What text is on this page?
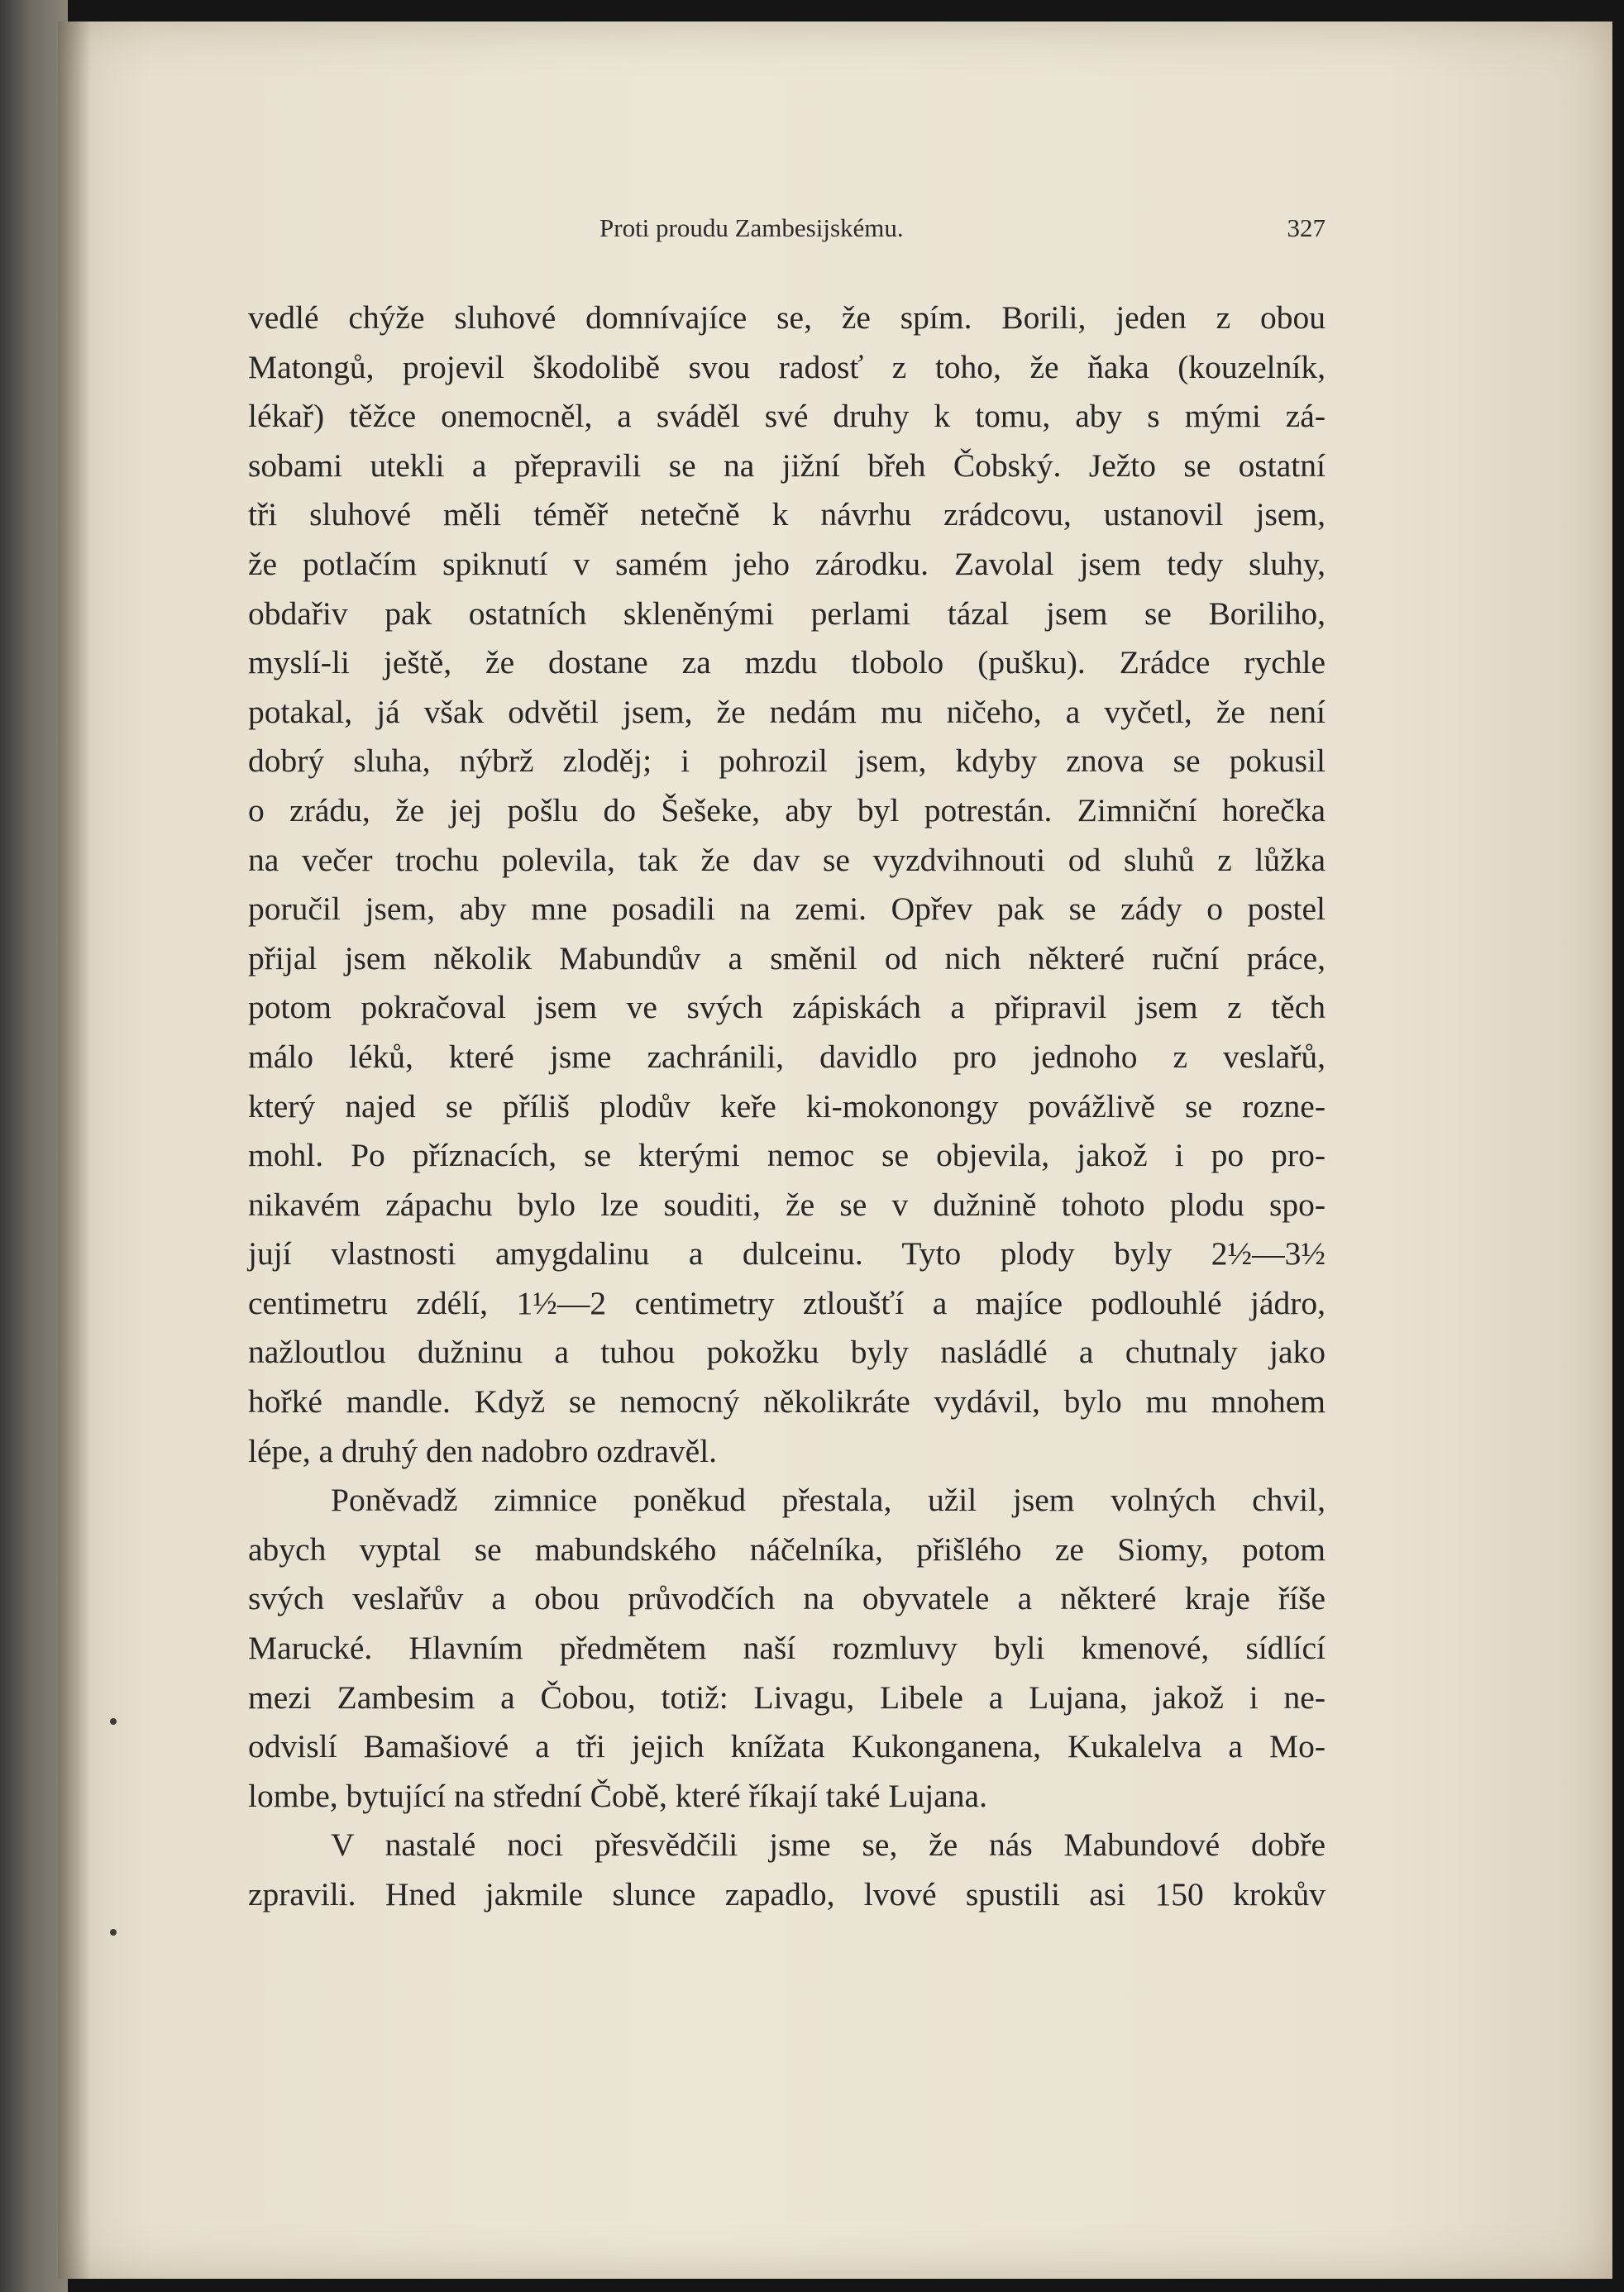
Proti proudu Zambesijskému.	327
vedlé chýže sluhové domnívajíce se, že spím. Borili, jeden z obou
Matongů, projevil škodolibě svou radosť z toho, že ňaka (kouzelník,
lékař) těžce onemocněl, a sváděl své druhy k tomu, aby s mými zá-
sobami utekli a přepravili se na jižní břeh Čobský. Ježto se ostatní
tři sluhové měli téměř netečně k návrhu zrádcovu, ustanovil jsem,
že potlačím spiknutí v samém jeho zárodku. Zavolal jsem tedy sluhy,
obdařiv pak ostatních skleněnými perlami tázal jsem se Boriliho,
myslí-li ještě, že dostane za mzdu tlobolo (pušku). Zrádce rychle
potakal, já však odvětil jsem, že nedám mu ničeho, a vyčetl, že není
dobrý sluha, nýbrž zloděj; i pohrozil jsem, kdyby znova se pokusil
o zrádu, že jej pošlu do Šešeke, aby byl potrestán. Zimniční horečka
na večer trochu polevila, tak že dav se vyzdvihnouti od sluhů z lůžka
poručil jsem, aby mne posadili na zemi. Opřev pak se zády o postel
přijal jsem několik Mabundův a směnil od nich některé ruční práce,
potom pokračoval jsem ve svých zápiskách a připravil jsem z těch
málo léků, které jsme zachránili, davidlo pro jednoho z veslařů,
který najed se příliš plodův keře ki-mokonongy povážlivě se rozne-
mohl. Po příznacích, se kterými nemoc se objevila, jakož i po pro-
nikavém zápachu bylo lze souditi, že se v dužnině tohoto plodu spo-
jují vlastnosti amygdalinu a dulceinu. Tyto plody byly 2½—3½
centimetru zdélí, 1½—2 centimetry ztloušťí a majíce podlouhlé jádro,
nažloutlou dužninu a tuhou pokožku byly nasládlé a chutnaly jako
hořké mandle. Když se nemocný několikráte vydávil, bylo mu mnohem
lépe, a druhý den nadobro ozdravěl.
Poněvadž zimnice poněkud přestala, užil jsem volných chvil,
abych vyptal se mabundského náčelníka, přišlého ze Siomy, potom
svých veslařův a obou průvodčích na obyvatele a některé kraje říše
Marucké. Hlavním předmětem naší rozmluvy byli kmenové, sídlící
mezi Zambesim a Čobou, totiž: Livagu, Libele a Lujana, jakož i ne-
odvislí Bamašiové a tři jejich knížata Kukonganena, Kukalelva a Mo-
lombe, bytující na střední Čobě, které říkají také Lujana.
V nastalé noci přesvědčili jsme se, že nás Mabundové dobře
zpravili. Hned jakmile slunce zapadlo, lvové spustili asi 150 krokův
